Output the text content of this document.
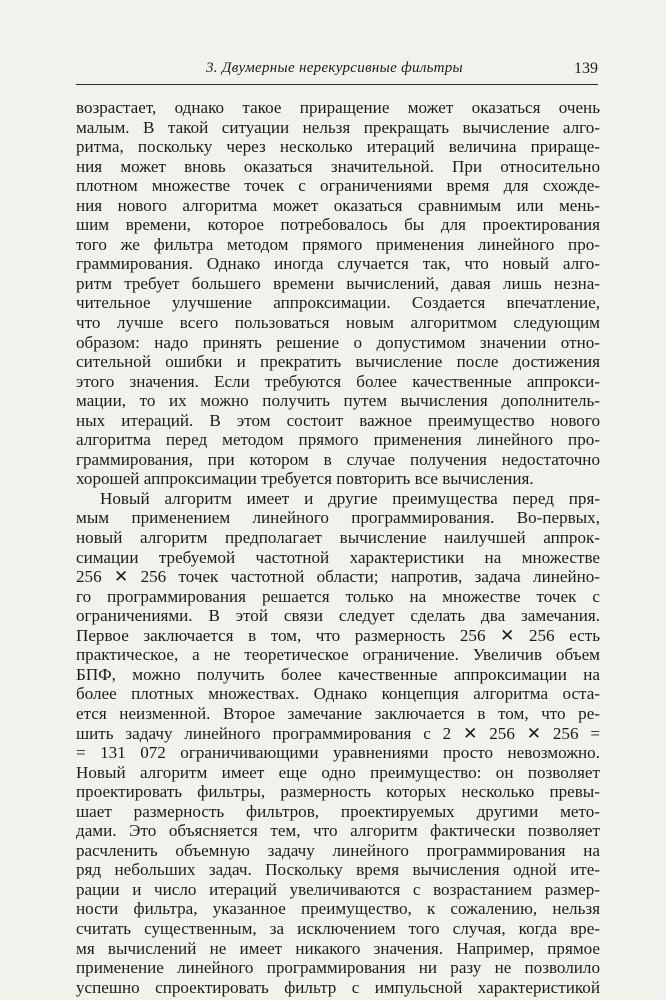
3. Двумерные нерекурсивные фильтры	139
возрастает, однако такое приращение может оказаться очень
малым. В такой ситуации нельзя прекращать вычисление алго-
ритма, поскольку через несколько итераций величина прираще-
ния может вновь оказаться значительной. При относительно
плотном множестве точек с ограничениями время для схожде-
ния нового алгоритма может оказаться сравнимым или мень-
шим времени, которое потребовалось бы для проектирования
того же фильтра методом прямого применения линейного про-
граммирования. Однако иногда случается так, что новый алго-
ритм требует большего времени вычислений, давая лишь незна-
чительное улучшение аппроксимации. Создается впечатление,
что лучше всего пользоваться новым алгоритмом следующим
образом: надо принять решение о допустимом значении отно-
сительной ошибки и прекратить вычисление после достижения
этого значения. Если требуются более качественные аппрокси-
мации, то их можно получить путем вычисления дополнитель-
ных итераций. В этом состоит важное преимущество нового
алгоритма перед методом прямого применения линейного про-
граммирования, при котором в случае получения недостаточно
хорошей аппроксимации требуется повторить все вычисления.
Новый алгоритм имеет и другие преимущества перед пря-
мым применением линейного программирования. Во-первых,
новый алгоритм предполагает вычисление наилучшей аппрок-
симации требуемой частотной характеристики на множестве
256 ✕ 256 точек частотной области; напротив, задача линейно-
го программирования решается только на множестве точек с
ограничениями. В этой связи следует сделать два замечания.
Первое заключается в том, что размерность 256 ✕ 256 есть
практическое, а не теоретическое ограничение. Увеличив объем
БПФ, можно получить более качественные аппроксимации на
более плотных множествах. Однако концепция алгоритма оста-
ется неизменной. Второе замечание заключается в том, что ре-
шить задачу линейного программирования с 2 ✕ 256 ✕ 256 =
= 131 072 ограничивающими уравнениями просто невозможно.
Новый алгоритм имеет еще одно преимущество: он позволяет
проектировать фильтры, размерность которых несколько превы-
шает размерность фильтров, проектируемых другими мето-
дами. Это объясняется тем, что алгоритм фактически позволяет
расчленить объемную задачу линейного программирования на
ряд небольших задач. Поскольку время вычисления одной ите-
рации и число итераций увеличиваются с возрастанием размер-
ности фильтра, указанное преимущество, к сожалению, нельзя
считать существенным, за исключением того случая, когда вре-
мя вычислений не имеет никакого значения. Например, прямое
применение линейного программирования ни разу не позволило
успешно спроектировать фильтр с импульсной характеристикой
